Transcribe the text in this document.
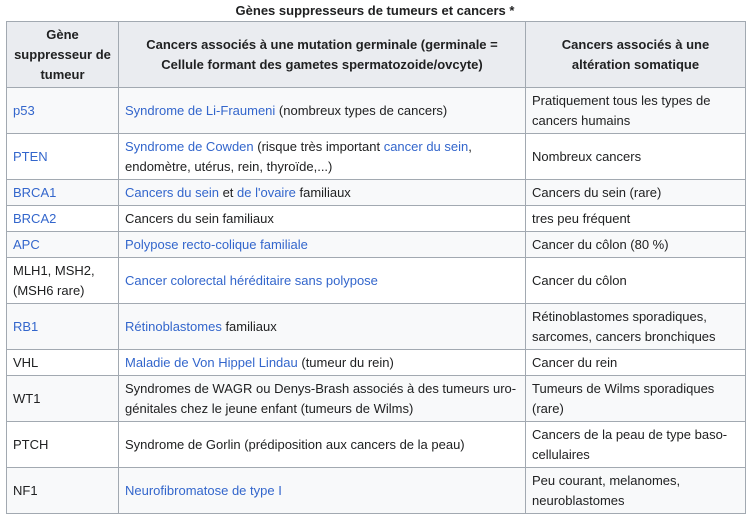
Gènes suppresseurs de tumeurs et cancers *
Gène suppresseur de tumeur	Cancers associés à une mutation germinale (germinale = Cellule formant des gametes spermatozoide/ovcyte)	Cancers associés à une altération somatique
p53	Syndrome de Li-Fraumeni (nombreux types de cancers)	Pratiquement tous les types de cancers humains
PTEN	Syndrome de Cowden (risque très important cancer du sein, endomètre, utérus, rein, thyroïde,...)	Nombreux cancers
BRCA1	Cancers du sein et de l'ovaire familiaux	Cancers du sein (rare)
BRCA2	Cancers du sein familiaux	tres peu fréquent
APC	Polypose recto-colique familiale	Cancer du côlon (80 %)
MLH1, MSH2, (MSH6 rare)	Cancer colorectal héréditaire sans polypose	Cancer du côlon
RB1	Rétinoblastomes familiaux	Rétinoblastomes sporadiques, sarcomes, cancers bronchiques
VHL	Maladie de Von Hippel Lindau (tumeur du rein)	Cancer du rein
WT1	Syndromes de WAGR ou Denys-Brash associés à des tumeurs uro-génitales chez le jeune enfant (tumeurs de Wilms)	Tumeurs de Wilms sporadiques (rare)
PTCH	Syndrome de Gorlin (prédiposition aux cancers de la peau)	Cancers de la peau de type baso-cellulaires
NF1	Neurofibromatose de type I	Peu courant, melanomes, neuroblastomes
